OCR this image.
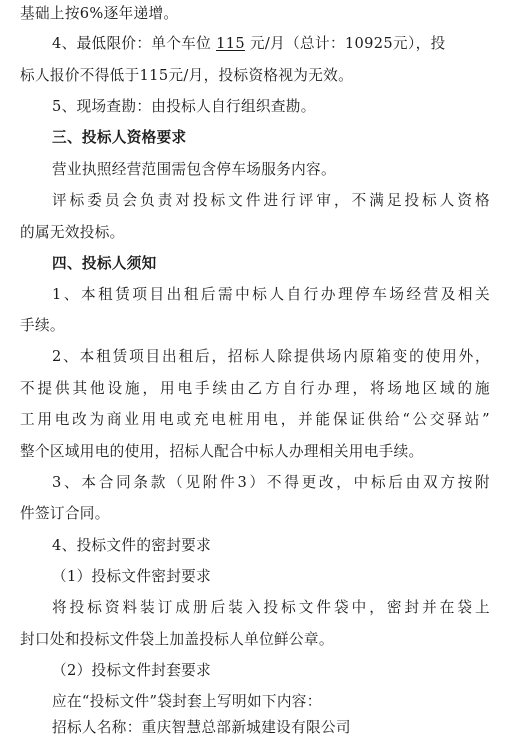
基础上按6%逐年递增。
4、最低限价：单个车位 115 元/月（总计：10925元），投
标人报价不得低于115元/月，投标资格视为无效。
5、现场查勘：由投标人自行组织查勘。
三、投标人资格要求
营业执照经营范围需包含停车场服务内容。
评标委员会负责对投标文件进行评审，不满足投标人资格
的属无效投标。
四、投标人须知
1、本租赁项目出租后需中标人自行办理停车场经营及相关
手续。
2、本租赁项目出租后，招标人除提供场内原箱变的使用外，
不提供其他设施，用电手续由乙方自行办理，将场地区域的施
工用电改为商业用电或充电桩用电，并能保证供给“公交驿站”
整个区域用电的使用，招标人配合中标人办理相关用电手续。
3、本合同条款（见附件3）不得更改，中标后由双方按附
件签订合同。
4、投标文件的密封要求
（1）投标文件密封要求
将投标资料装订成册后装入投标文件袋中，密封并在袋上
封口处和投标文件袋上加盖投标人单位鲜公章。
（2）投标文件封套要求
应在“投标文件”袋封套上写明如下内容：
招标人名称：重庆智慧总部新城建设有限公司
